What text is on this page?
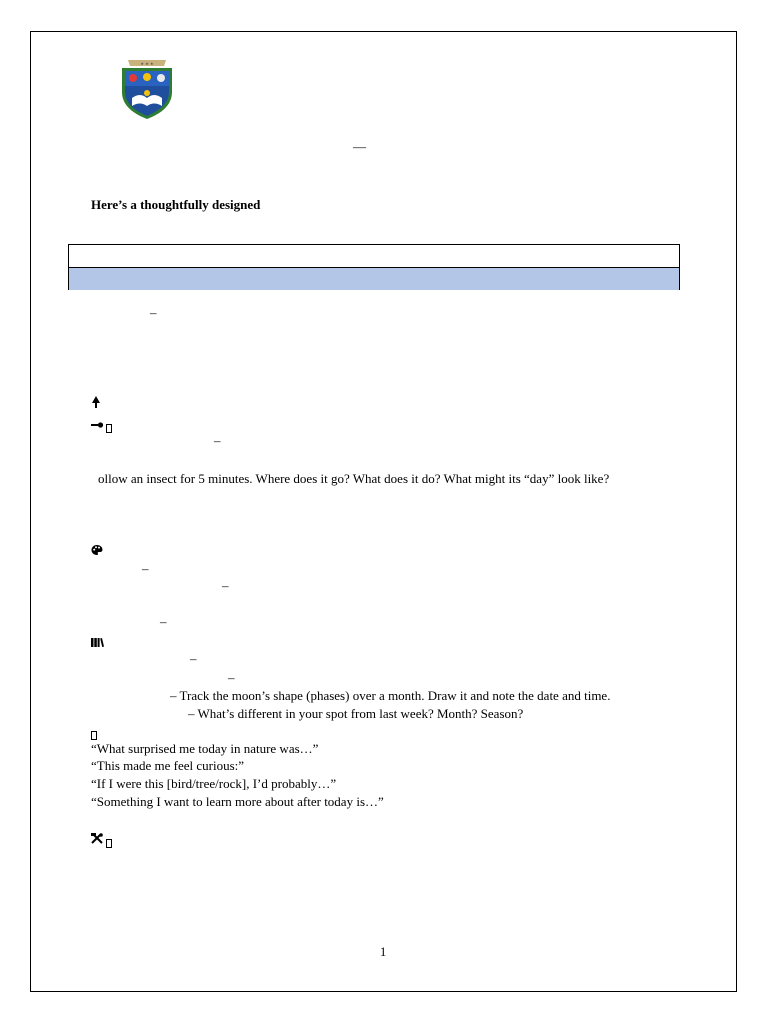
★ ★ ★
—
Here’s a thoughtfully designed
–
–
ollow an insect for 5 minutes. Where does it go? What does it do? What might its “day” look like?
–
–
–
–
–
– Track the moon’s shape (phases) over a month. Draw it and note the date and time.
– What’s different in your spot from last week? Month? Season?
“What surprised me today in nature was…”
“This made me feel curious:”
“If I were this [bird/tree/rock], I’d probably…”
“Something I want to learn more about after today is…”
1
